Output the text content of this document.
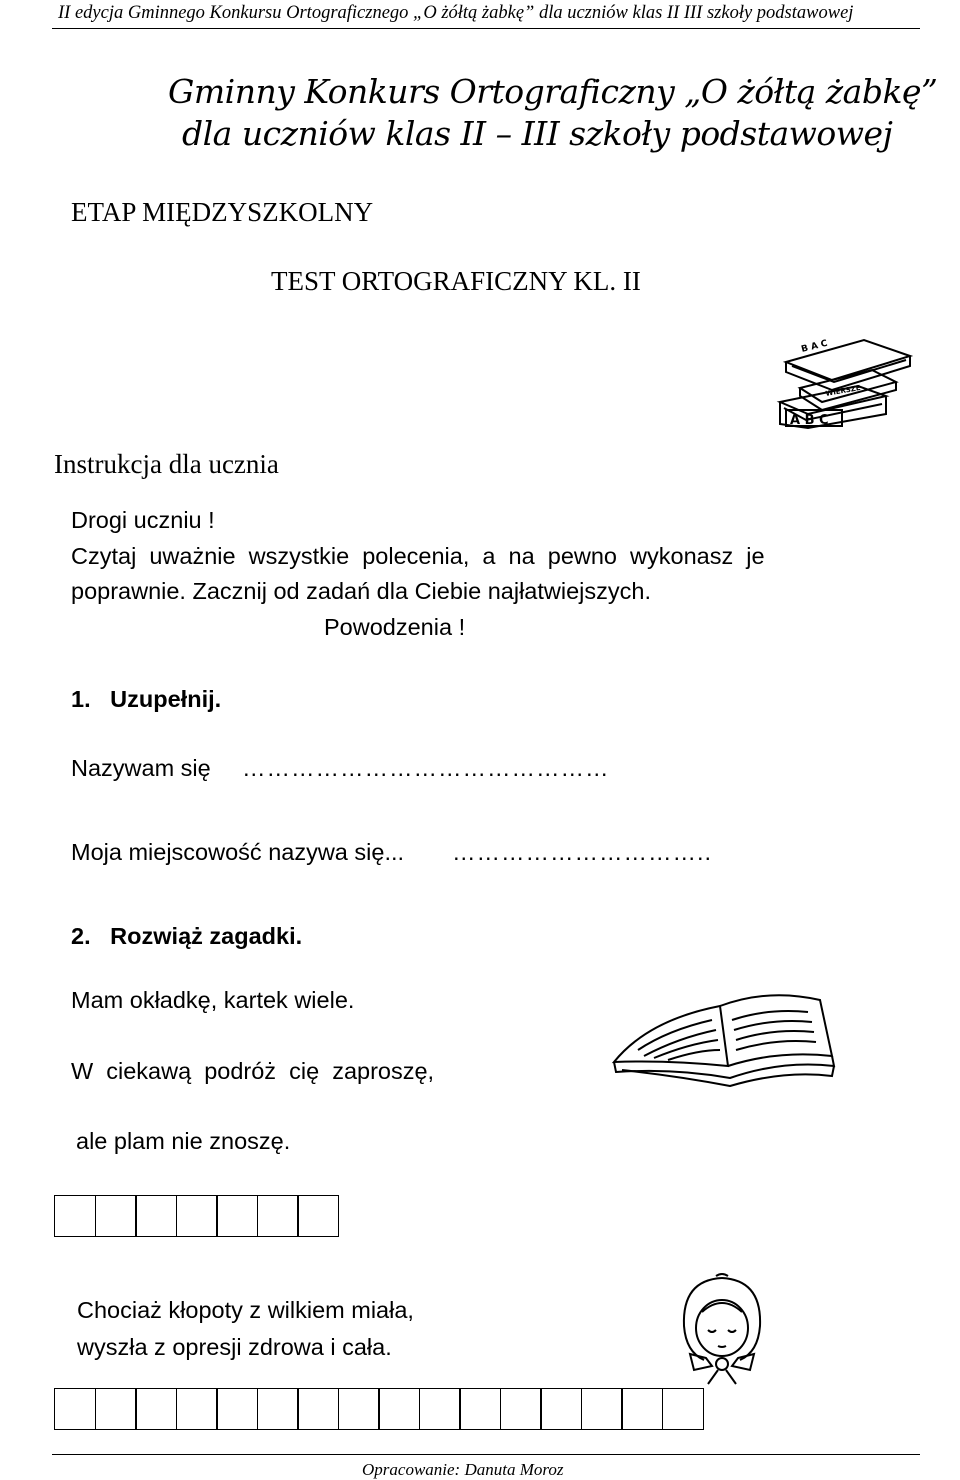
II edycja Gminnego Konkursu Ortograficznego „O żółtą żabkę” dla uczniów klas II III szkoły podstawowej
Gminny Konkurs Ortograficzny „O żółtą żabkę”
dla uczniów klas II – III szkoły podstawowej
ETAP MIĘDZYSZKOLNY
TEST ORTOGRAFICZNY KL. II
B A C
WIERSZE
A B C
Instrukcja dla ucznia
Drogi uczniu !
Czytaj  uważnie  wszystkie  polecenia,  a  na  pewno  wykonasz  je
poprawnie. Zacznij od zadań dla Ciebie najłatwiejszych.
Powodzenia !
1.   Uzupełnij.
Nazywam się ………………………………………
Moja miejscowość nazywa się... …………………………..
2.   Rozwiąż zagadki.
Mam okładkę, kartek wiele.
W  ciekawą  podróż  cię  zaproszę,
ale plam nie znoszę.
Chociaż kłopoty z wilkiem miała,
wyszła z opresji zdrowa i cała.
Opracowanie: Danuta Moroz
